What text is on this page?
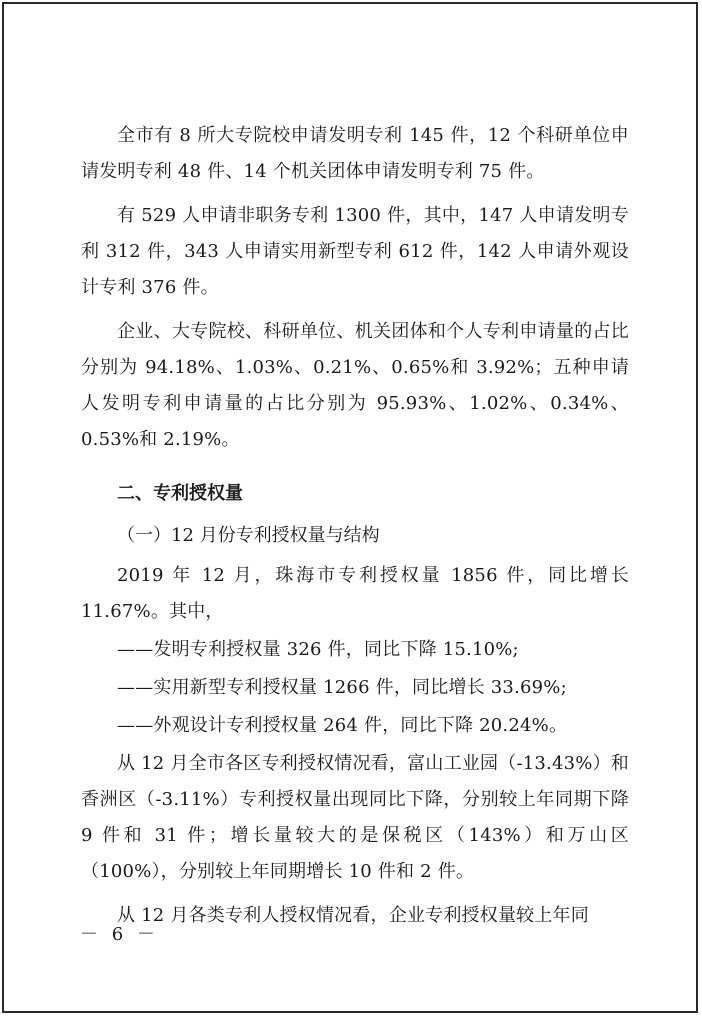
全市有 8 所大专院校申请发明专利 145 件，12 个科研单位申请发明专利 48 件、14 个机关团体申请发明专利 75 件。

有 529 人申请非职务专利 1300 件，其中，147 人申请发明专利 312 件，343 人申请实用新型专利 612 件，142 人申请外观设计专利 376 件。

企业、大专院校、科研单位、机关团体和个人专利申请量的占比分别为 94.18%、1.03%、0.21%、0.65%和 3.92%；五种申请人发明专利申请量的占比分别为 95.93%、1.02%、0.34%、0.53%和 2.19%。

二、专利授权量
（一）12 月份专利授权量与结构

2019 年 12 月，珠海市专利授权量 1856 件，同比增长 11.67%。其中，

——发明专利授权量 326 件，同比下降 15.10%;

——实用新型专利授权量 1266 件，同比增长 33.69%;

——外观设计专利授权量 264 件，同比下降 20.24%。

从 12 月全市各区专利授权情况看，富山工业园（-13.43%）和香洲区（-3.11%）专利授权量出现同比下降，分别较上年同期下降 9 件和 31 件；增长量较大的是保税区（143%）和万山区（100%），分别较上年同期增长 10 件和 2 件。

从 12 月各类专利人授权情况看，企业专利授权量较上年同

－ 6 －
